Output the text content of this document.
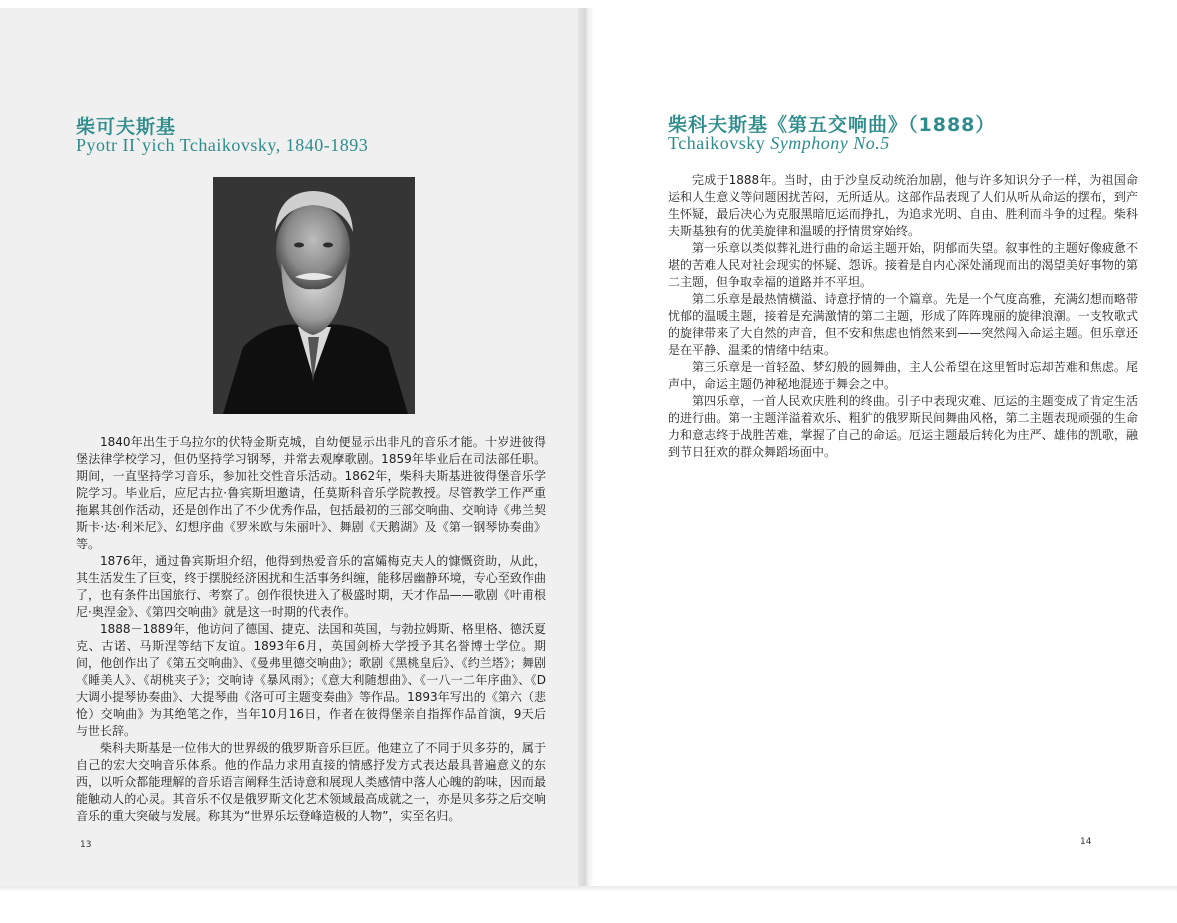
柴可夫斯基
Pyotr II`yich Tchaikovsky, 1840-1893

1840年出生于乌拉尔的伏特金斯克城，自幼便显示出非凡的音乐才能。十岁进彼得堡法律学校学习，但仍坚持学习钢琴，并常去观摩歌剧。1859年毕业后在司法部任职。期间，一直坚持学习音乐，参加社交性音乐活动。1862年，柴科夫斯基进彼得堡音乐学院学习。毕业后，应尼古拉·鲁宾斯坦邀请，任莫斯科音乐学院教授。尽管教学工作严重拖累其创作活动，还是创作出了不少优秀作品，包括最初的三部交响曲、交响诗《弗兰契斯卡·达·利米尼》、幻想序曲《罗米欧与朱丽叶》、舞剧《天鹅湖》及《第一钢琴协奏曲》等。

1876年，通过鲁宾斯坦介绍，他得到热爱音乐的富孀梅克夫人的慷慨资助，从此，其生活发生了巨变，终于摆脱经济困扰和生活事务纠缠，能移居幽静环境，专心至致作曲了，也有条件出国旅行、考察了。创作很快进入了极盛时期，天才作品——歌剧《叶甫根尼·奥涅金》、《第四交响曲》就是这一时期的代表作。

1888－1889年，他访问了德国、捷克、法国和英国，与勃拉姆斯、格里格、德沃夏克、古诺、马斯涅等结下友谊。1893年6月，英国剑桥大学授予其名誉博士学位。期间，他创作出了《第五交响曲》、《曼弗里德交响曲》；歌剧《黑桃皇后》、《约兰塔》；舞剧《睡美人》、《胡桃夹子》；交响诗《暴风雨》；《意大利随想曲》、《一八一二年序曲》、《D大调小提琴协奏曲》、大提琴曲《洛可可主题变奏曲》等作品。1893年写出的《第六（悲怆）交响曲》为其绝笔之作，当年10月16日，作者在彼得堡亲自指挥作品首演，9天后与世长辞。

柴科夫斯基是一位伟大的世界级的俄罗斯音乐巨匠。他建立了不同于贝多芬的，属于自己的宏大交响音乐体系。他的作品力求用直接的情感抒发方式表达最具普遍意义的东西，以听众都能理解的音乐语言阐释生活诗意和展现人类感情中落人心魄的韵味，因而最能触动人的心灵。其音乐不仅是俄罗斯文化艺术领域最高成就之一，亦是贝多芬之后交响音乐的重大突破与发展。称其为“世界乐坛登峰造极的人物”，实至名归。

13
柴科夫斯基《第五交响曲》（1888）
Tchaikovsky Symphony No.5

完成于1888年。当时，由于沙皇反动统治加剧，他与许多知识分子一样，为祖国命运和人生意义等问题困扰苦闷，无所适从。这部作品表现了人们从听从命运的摆布，到产生怀疑，最后决心为克服黑暗厄运而挣扎，为追求光明、自由、胜利而斗争的过程。柴科夫斯基独有的优美旋律和温暖的抒情贯穿始终。

第一乐章以类似葬礼进行曲的命运主题开始，阴郁而失望。叙事性的主题好像疲惫不堪的苦难人民对社会现实的怀疑、怨诉。接着是自内心深处涌现而出的渴望美好事物的第二主题，但争取幸福的道路并不平坦。

第二乐章是最热情横溢、诗意抒情的一个篇章。先是一个气度高雅，充满幻想而略带忧郁的温暖主题，接着是充满激情的第二主题，形成了阵阵瑰丽的旋律浪潮。一支牧歌式的旋律带来了大自然的声音，但不安和焦虑也悄然来到——突然闯入命运主题。但乐章还是在平静、温柔的情绪中结束。

第三乐章是一首轻盈、梦幻般的圆舞曲，主人公希望在这里暂时忘却苦难和焦虑。尾声中，命运主题仍神秘地混迹于舞会之中。

第四乐章，一首人民欢庆胜利的终曲。引子中表现灾难、厄运的主题变成了肯定生活的进行曲。第一主题洋溢着欢乐、粗犷的俄罗斯民间舞曲风格，第二主题表现顽强的生命力和意志终于战胜苦难，掌握了自己的命运。厄运主题最后转化为庄严、雄伟的凯歌，融到节日狂欢的群众舞蹈场面中。

14
